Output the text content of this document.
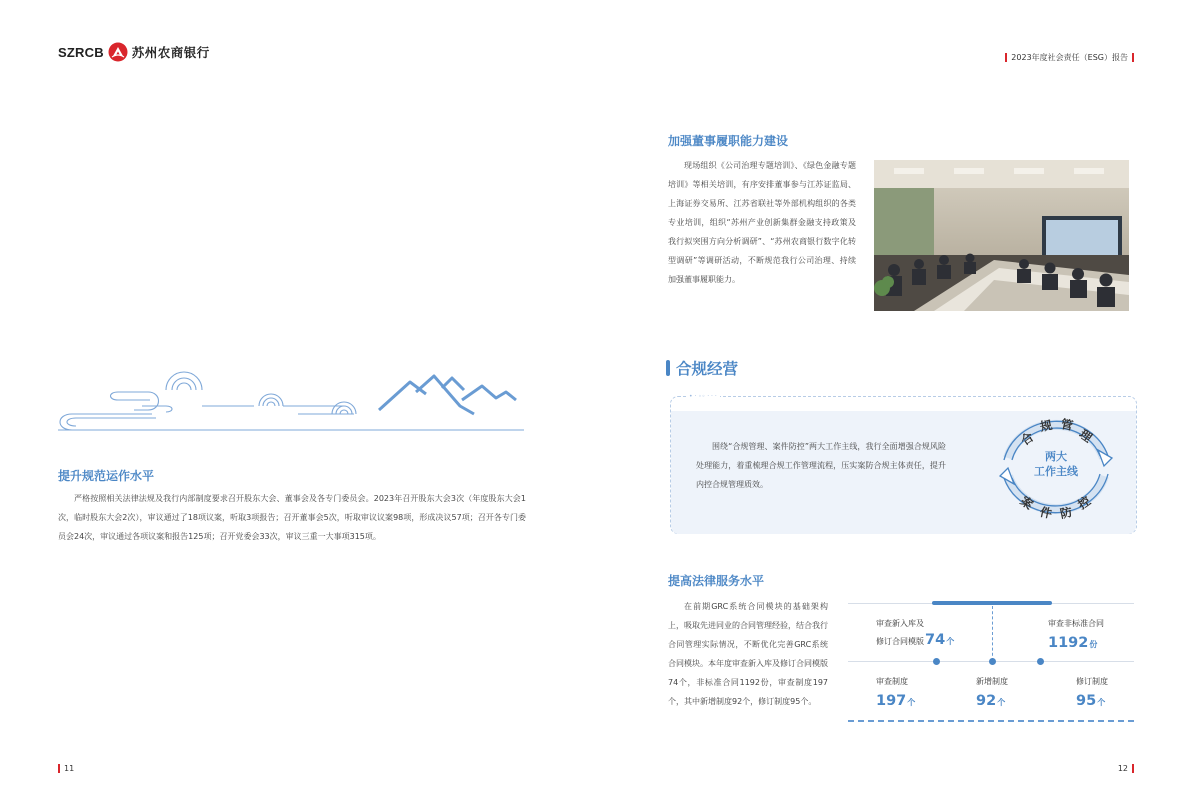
SZRCB 苏州农商银行	2023年度社会责任（ESG）报告
提升规范运作水平
严格按照相关法律法规及我行内部制度要求召开股东大会、董事会及各专门委员会。2023年召开股东大会3次（年度股东大会1次，临时股东大会2次），审议通过了18项议案，听取3项报告；召开董事会5次，听取审议议案98项，形成决议57项；召开各专门委员会24次，审议通过各项议案和报告125项；召开党委会33次，审议三重一大事项315项。
加强董事履职能力建设
现场组织《公司治理专题培训》、《绿色金融专题培训》等相关培训，有序安排董事参与江苏证监局、上海证券交易所、江苏省联社等外部机构组织的各类专业培训，组织“苏州产业创新集群金融支持政策及我行拟突围方向分析调研”、“苏州农商银行数字化转型调研”等调研活动，不断规范我行公司治理、持续加强董事履职能力。
合规经营
• · ◦◦ · · ·
围绕“合规管理、案件防控”两大工作主线，我行全面增强合规风险处理能力，着重梳理合规工作管理流程，压实案防合规主体责任，提升内控合规管理质效。
合
规 管
理
案
件 防
控
两大
工作主线
提高法律服务水平
在前期GRC系统合同模块的基础架构上，吸取先进同业的合同管理经验，结合我行合同管理实际情况，不断优化完善GRC系统合同模块。本年度审查新入库及修订合同模版74个，非标准合同1192份，审查制度197个，其中新增制度92个，修订制度95个。
审查新入库及
修订合同模版 74 个
审查非标准合同
1192份
审查制度
197个
新增制度
92个
修订制度
95个
11	12
